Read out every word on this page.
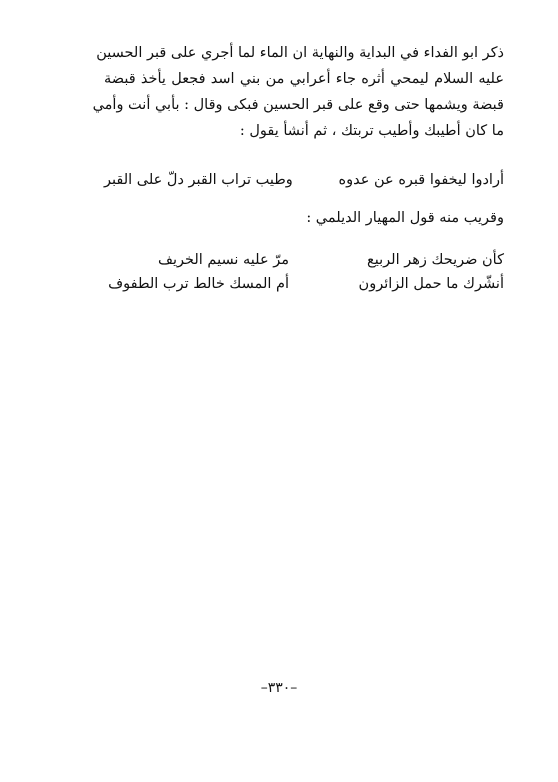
ذكر ابو الفداء في البداية والنهاية ان الماء لما أجري على قبر الحسين
عليه السلام ليمحي أثره جاء أعرابي من بني اسد فجعل يأخذ قبضة
قبضة ويشمها حتى وقع على قبر الحسين فبكى وقال : بأبي أنت وأمي
ما كان أطيبك وأطيب تربتك ، ثم أنشأ يقول :
أرادوا ليخفوا قبره عن عدوه
وطيب تراب القبر دلّ على القبر
وقريب منه قول المهيار الديلمي :
كأن ضريحك زهر الربيع
مرّ عليه نسيم الخريف
أنشّرك ما حمل الزائرون
أم المسك خالط ترب الطفوف
–٣٣٠–
